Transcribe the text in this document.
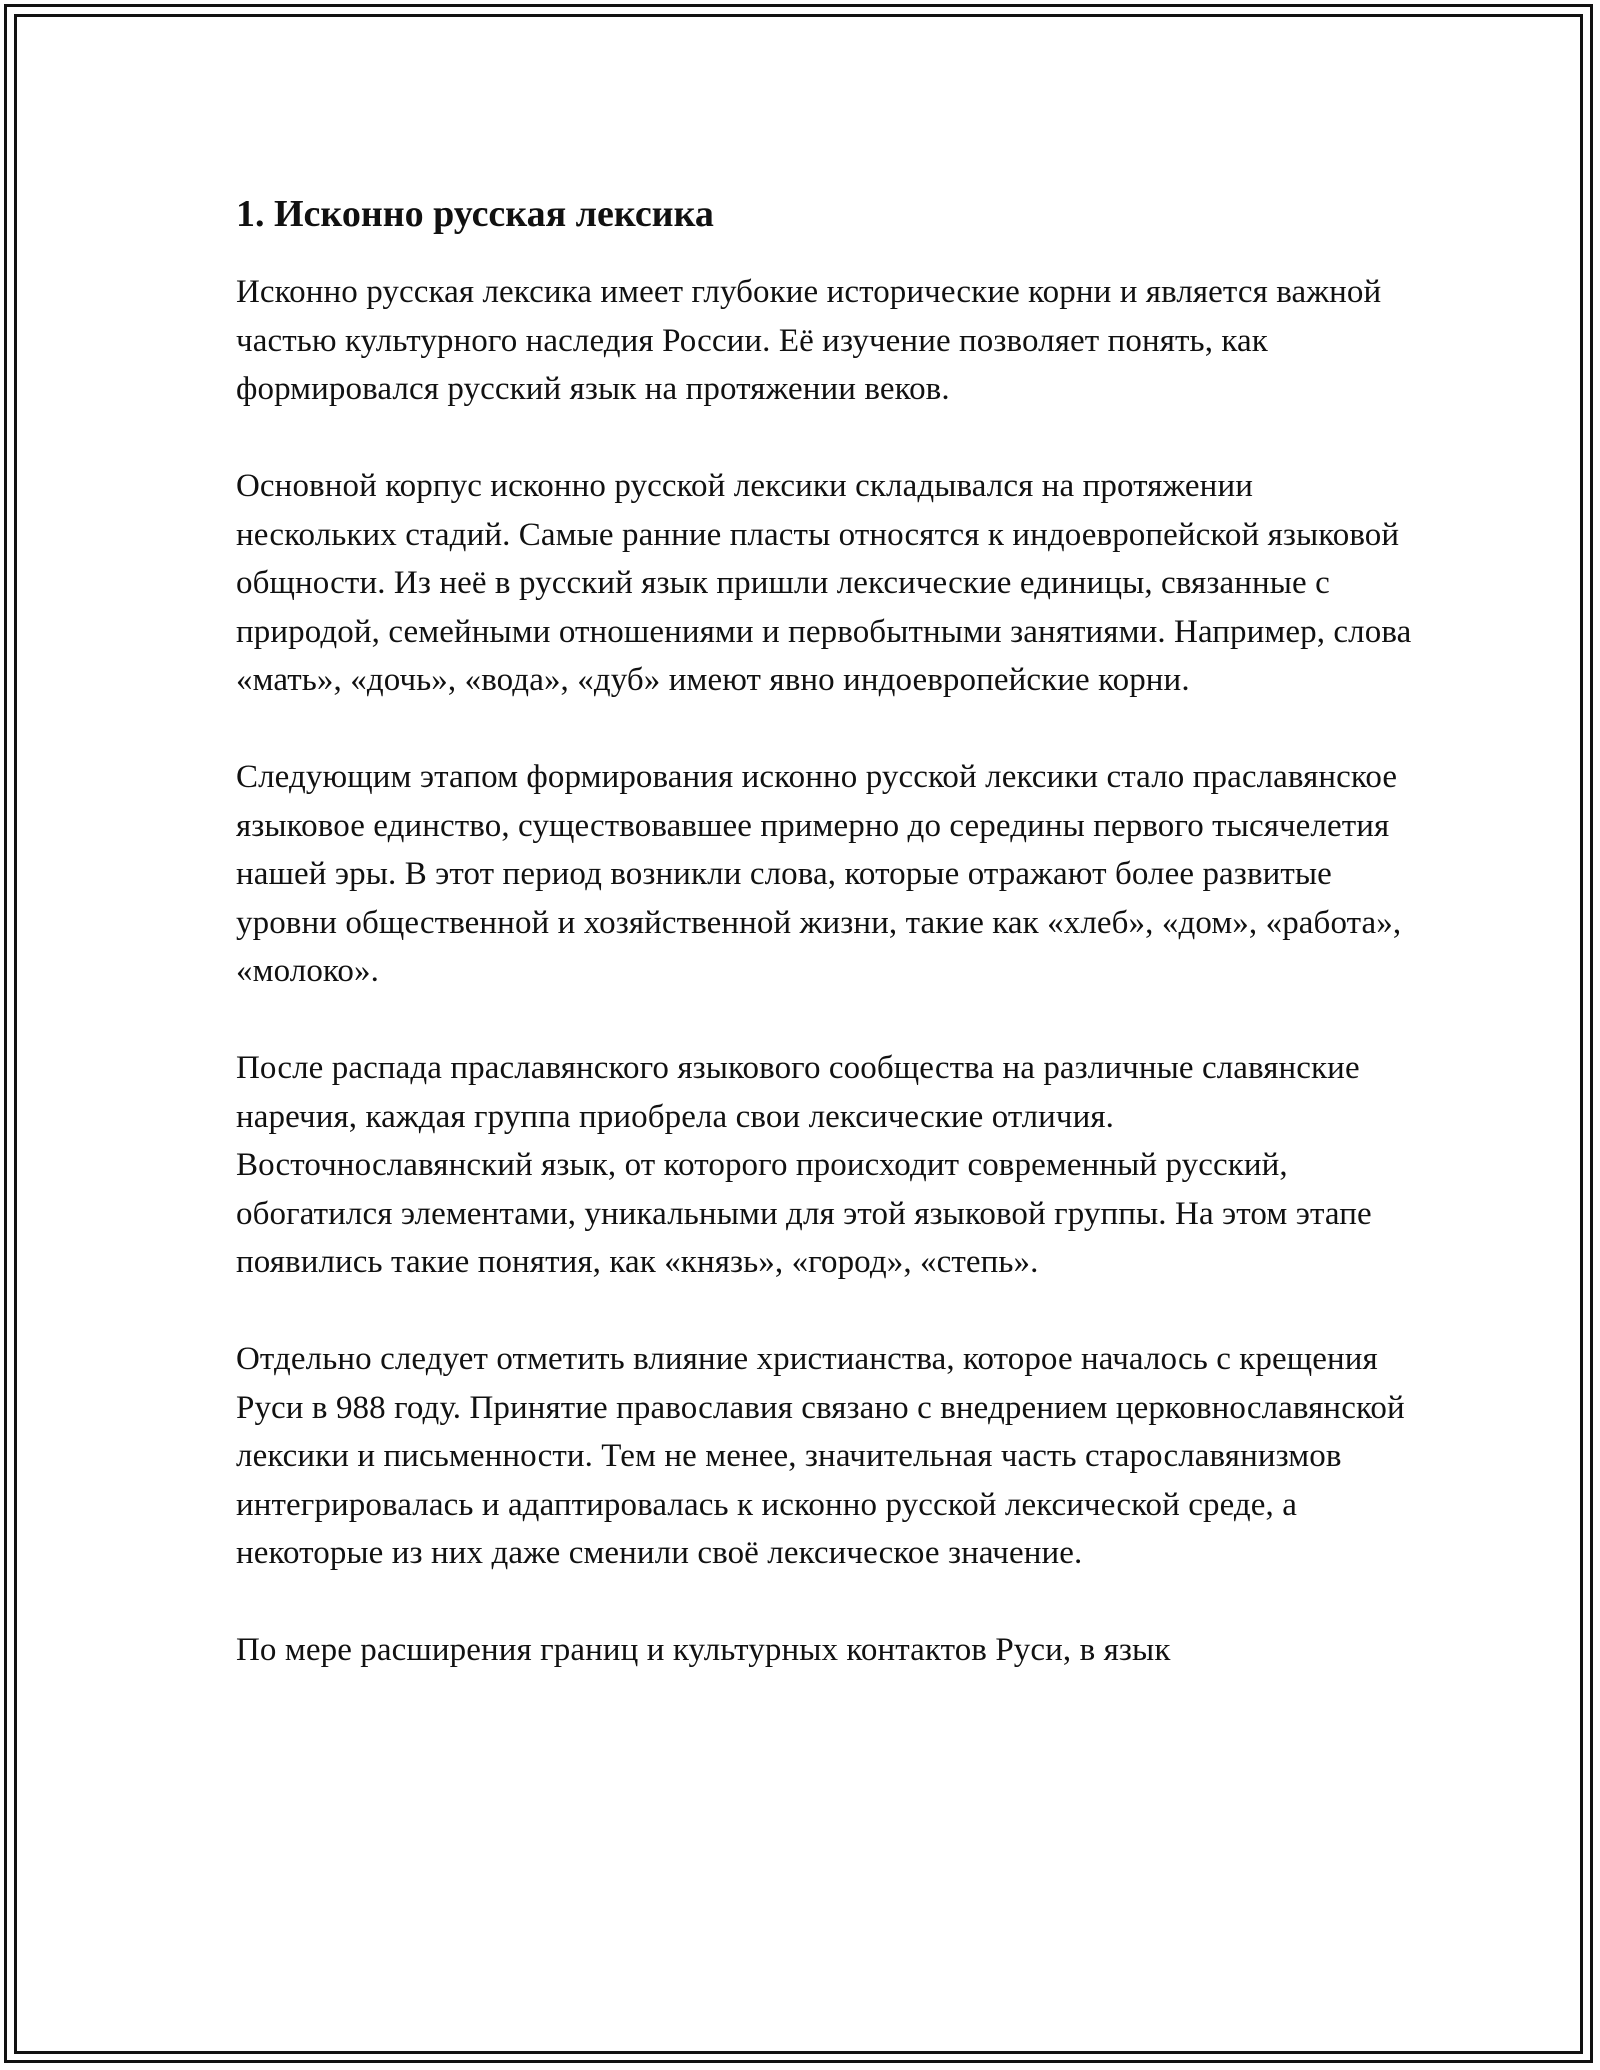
1. Исконно русская лексика

Исконно русская лексика имеет глубокие исторические корни и является важной частью культурного наследия России. Её изучение позволяет понять, как формировался русский язык на протяжении веков.

Основной корпус исконно русской лексики складывался на протяжении нескольких стадий. Самые ранние пласты относятся к индоевропейской языковой общности. Из неё в русский язык пришли лексические единицы, связанные с природой, семейными отношениями и первобытными занятиями. Например, слова «мать», «дочь», «вода», «дуб» имеют явно индоевропейские корни.

Следующим этапом формирования исконно русской лексики стало праславянское языковое единство, существовавшее примерно до середины первого тысячелетия нашей эры. В этот период возникли слова, которые отражают более развитые уровни общественной и хозяйственной жизни, такие как «хлеб», «дом», «работа», «молоко».

После распада праславянского языкового сообщества на различные славянские наречия, каждая группа приобрела свои лексические отличия. Восточнославянский язык, от которого происходит современный русский, обогатился элементами, уникальными для этой языковой группы. На этом этапе появились такие понятия, как «князь», «город», «степь».

Отдельно следует отметить влияние христианства, которое началось с крещения Руси в 988 году. Принятие православия связано с внедрением церковнославянской лексики и письменности. Тем не менее, значительная часть старославянизмов интегрировалась и адаптировалась к исконно русской лексической среде, а некоторые из них даже сменили своё лексическое значение.

По мере расширения границ и культурных контактов Руси, в язык
